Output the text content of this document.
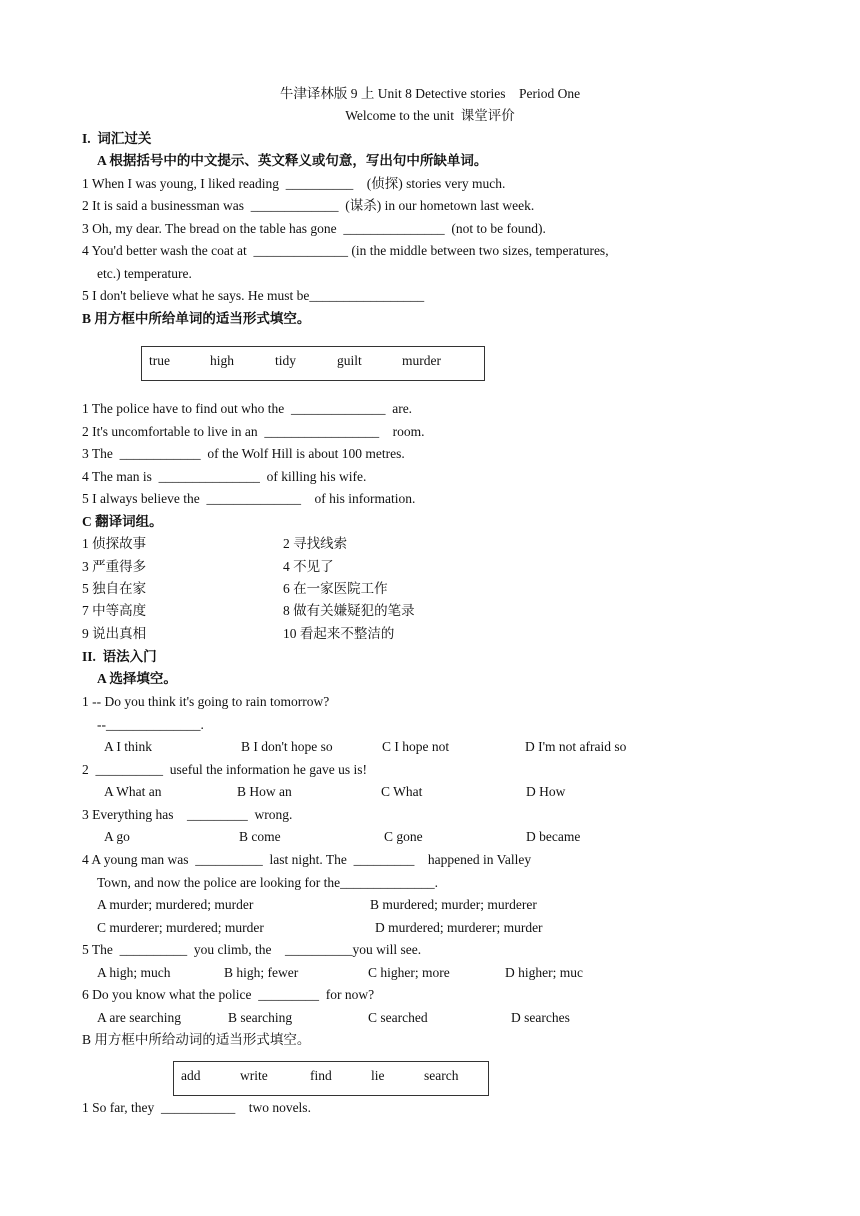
牛津译林版 9 上 Unit 8 Detective stories    Period One
Welcome to the unit  课堂评价
I.  词汇过关
A 根据括号中的中文提示、英文释义或句意，写出句中所缺单词。
1 When I was young, I liked reading  __________    (侦探) stories very much.
2 It is said a businessman was  _____________  (谋杀) in our hometown last week.
3 Oh, my dear. The bread on the table has gone  _______________  (not to be found).
4 You'd better wash the coat at  ______________ (in the middle between two sizes, temperatures,
etc.) temperature.
5 I don't believe what he says. He must be_________________
B 用方框中所给单词的适当形式填空。
true	high	tidy	guilt	murder
1 The police have to find out who the  ______________  are.
2 It's uncomfortable to live in an  _________________    room.
3 The  ____________  of the Wolf Hill is about 100 metres.
4 The man is  _______________  of killing his wife.
5 I always believe the  ______________    of his information.
C 翻译词组。
1 侦探故事	2 寻找线索
3 严重得多	4 不见了
5 独自在家	6 在一家医院工作
7 中等高度	8 做有关嫌疑犯的笔录
9 说出真相	10 看起来不整洁的
II.  语法入门
A 选择填空。
1 -- Do you think it's going to rain tomorrow?
--______________.
A I think	B I don't hope so	C I hope not	D I'm not afraid so
2  __________  useful the information he gave us is!
A What an	B How an	C What	D How
3 Everything has    _________  wrong.
A go	B come	C gone	D became
4 A young man was  __________  last night. The  _________    happened in Valley
Town, and now the police are looking for the______________.
A murder; murdered; murder	B murdered; murder; murderer
C murderer; murdered; murder	D murdered; murderer; murder
5 The  __________  you climb, the    __________you will see.
A high; much	B high; fewer	C higher; more	D higher; muc
6 Do you know what the police  _________  for now?
A are searching	B searching	C searched	D searches
B 用方框中所给动词的适当形式填空。
add	write	find	lie	search
1 So far, they  ___________    two novels.
